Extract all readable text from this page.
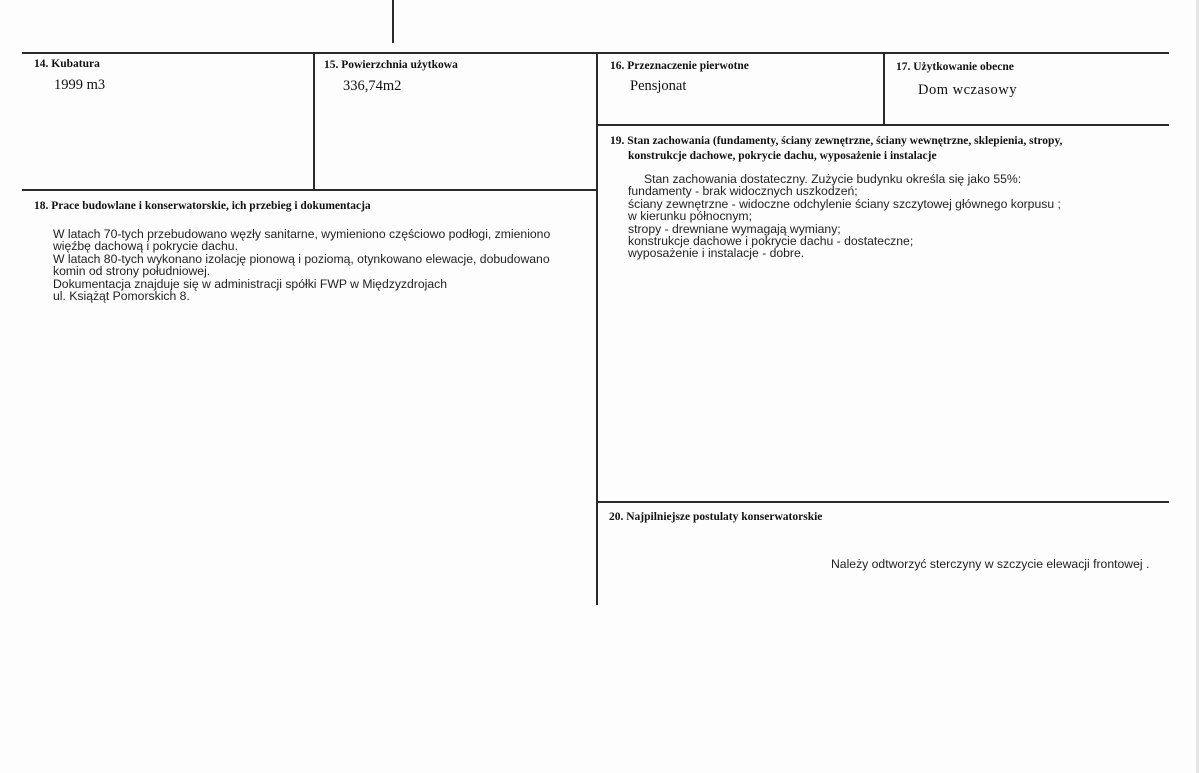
14. Kubatura
1999 m3
15. Powierzchnia użytkowa
336,74m2
16. Przeznaczenie pierwotne
Pensjonat
17. Użytkowanie obecne
Dom wczasowy
18. Prace budowlane i konserwatorskie, ich przebieg i dokumentacja
W latach 70-tych przebudowano węzły sanitarne, wymieniono częściowo podłogi, zmieniono
więźbę dachową i pokrycie dachu.
W latach 80-tych wykonano izolację pionową i poziomą, otynkowano elewacje, dobudowano
komin od strony południowej.
Dokumentacja znajduje się w administracji spółki FWP w Międzyzdrojach
ul. Książąt Pomorskich 8.
19. Stan zachowania (fundamenty, ściany zewnętrzne, ściany wewnętrzne, sklepienia, stropy,
konstrukcje dachowe, pokrycie dachu, wyposażenie i instalacje
Stan zachowania dostateczny. Zużycie budynku określa się jako 55%:
fundamenty - brak widocznych uszkodzeń;
ściany zewnętrzne - widoczne odchylenie ściany szczytowej głównego korpusu ;
w kierunku północnym;
stropy - drewniane wymagają wymiany;
konstrukcje dachowe i pokrycie dachu - dostateczne;
wyposażenie i instalacje - dobre.
20. Najpilniejsze postulaty konserwatorskie
Należy odtworzyć sterczyny w szczycie elewacji frontowej .
